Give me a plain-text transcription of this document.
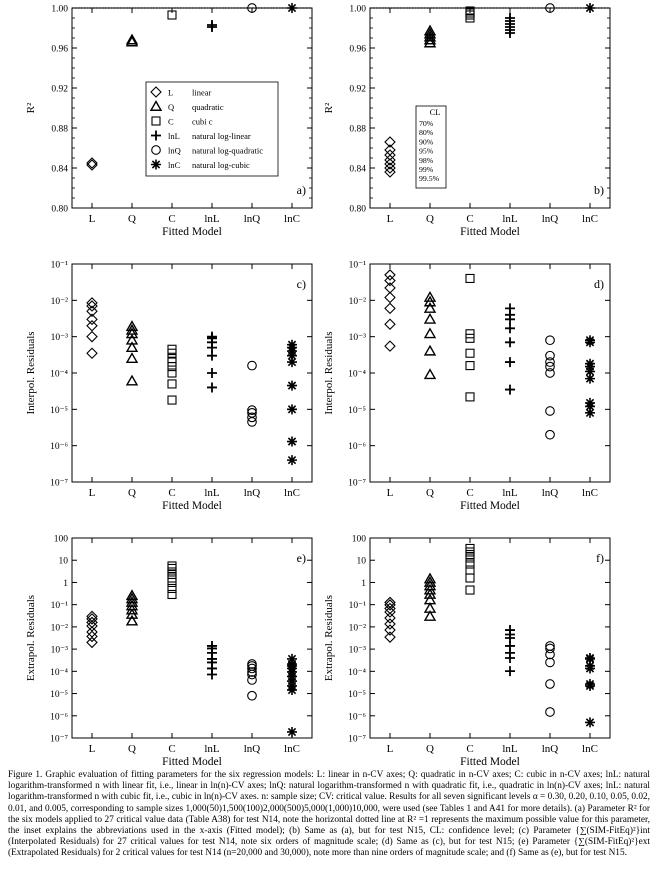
0.80
0.84
0.88
0.92
0.96
1.00
L	Q	C	lnL lnQ lnC
Fitted Model
R²
a)
0.80
0.84
0.88
0.92
0.96
1.00
L	Q	C	lnL lnQ lnC
Fitted Model
R²
b)
10⁻⁷
10⁻⁶
10⁻⁵
10⁻⁴
10⁻³
10⁻²
10⁻¹
L	Q	C	lnL lnQ lnC
Fitted Model
Interpol. Residuals
c)
10⁻⁷
10⁻⁶
10⁻⁵
10⁻⁴
10⁻³
10⁻²
10⁻¹
L	Q	C	lnL lnQ lnC
Fitted Model
Interpol. Residuals
d)
10⁻⁷
10⁻⁶
10⁻⁵
10⁻⁴
10⁻³
10⁻²
10⁻¹
1
10
100
L	Q	C	lnL lnQ lnC
Fitted Model
Extrapol. Residuals
e)
10⁻⁷
10⁻⁶
10⁻⁵
10⁻⁴
10⁻³
10⁻²
10⁻¹
1
10
100
L	Q	C	lnL lnQ lnC
Fitted Model
Extrapol. Residuals
f)
L linear
Q quadratic
C cubi c
lnL natural log-linear
lnQ natural log-quadratic
lnC natural log-cubic
CL
70%
80%
90%
95%
98%
99%
99.5%
Figure 1. Graphic evaluation of fitting parameters for the six regression models: L: linear in n-CV axes; Q: quadratic in n-CV axes; C: cubic in n-CV axes; lnL: natural logarithm-transformed n with linear fit, i.e., linear in ln(n)-CV axes; lnQ: natural logarithm-transformed n with quadratic fit, i.e., quadratic in ln(n)-CV axes; lnL: natural logarithm-transformed n with cubic fit, i.e., cubic in ln(n)-CV axes. n: sample size; CV: critical value. Results for all seven significant levels α = 0.30, 0.20, 0.10, 0.05, 0.02, 0.01, and 0.005, corresponding to sample sizes 1,000(50)1,500(100)2,000(500)5,000(1,000)10,000, were used (see Tables 1 and A41 for more details). (a) Parameter R² for the six models applied to 27 critical value data (Table A38) for test N14, note the horizontal dotted line at R² =1 represents the maximum possible value for this parameter, the inset explains the abbreviations used in the x-axis (Fitted model); (b) Same as (a), but for test N15, CL: confidence level; (c) Parameter {∑(SIM-FitEq)²}int (Interpolated Residuals) for 27 critical values for test N14, note six orders of magnitude scale; (d) Same as (c), but for test N15; (e) Parameter {∑(SIM-FitEq)²}ext (Extrapolated Residuals) for 2 critical values for test N14 (n=20,000 and 30,000), note more than nine orders of magnitude scale; and (f) Same as (e), but for test N15.
